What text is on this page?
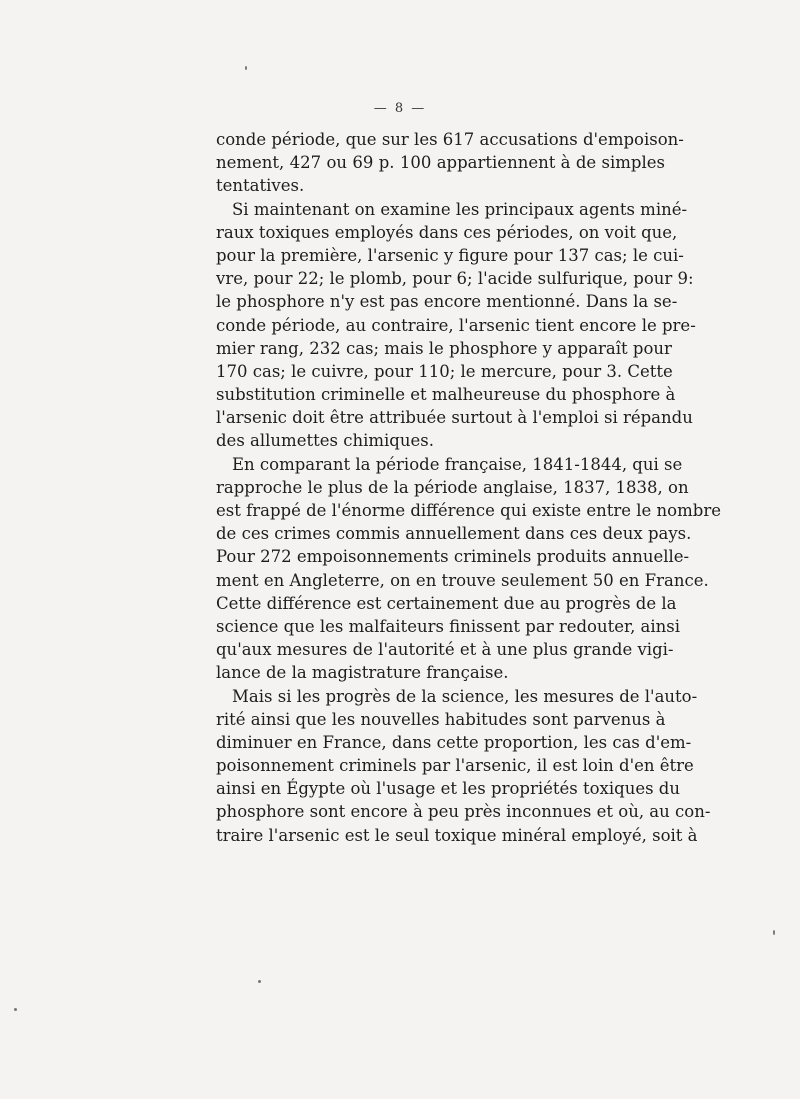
— 8 —

conde période, que sur les 617 accusations d'empoison-
nement, 427 ou 69 p. 100 appartiennent à de simples
tentatives.

Si maintenant on examine les principaux agents miné-
raux toxiques employés dans ces périodes, on voit que,
pour la première, l'arsenic y figure pour 137 cas; le cui-
vre, pour 22; le plomb, pour 6; l'acide sulfurique, pour 9:
le phosphore n'y est pas encore mentionné. Dans la se-
conde période, au contraire, l'arsenic tient encore le pre-
mier rang, 232 cas; mais le phosphore y apparaît pour
170 cas; le cuivre, pour 110; le mercure, pour 3. Cette
substitution criminelle et malheureuse du phosphore à
l'arsenic doit être attribuée surtout à l'emploi si répandu
des allumettes chimiques.

En comparant la période française, 1841-1844, qui se
rapproche le plus de la période anglaise, 1837, 1838, on
est frappé de l'énorme différence qui existe entre le nombre
de ces crimes commis annuellement dans ces deux pays.
Pour 272 empoisonnements criminels produits annuelle-
ment en Angleterre, on en trouve seulement 50 en France.
Cette différence est certainement due au progrès de la
science que les malfaiteurs finissent par redouter, ainsi
qu'aux mesures de l'autorité et à une plus grande vigi-
lance de la magistrature française.

Mais si les progrès de la science, les mesures de l'auto-
rité ainsi que les nouvelles habitudes sont parvenus à
diminuer en France, dans cette proportion, les cas d'em-
poisonnement criminels par l'arsenic, il est loin d'en être
ainsi en Égypte où l'usage et les propriétés toxiques du
phosphore sont encore à peu près inconnues et où, au con-
traire l'arsenic est le seul toxique minéral employé, soit à
